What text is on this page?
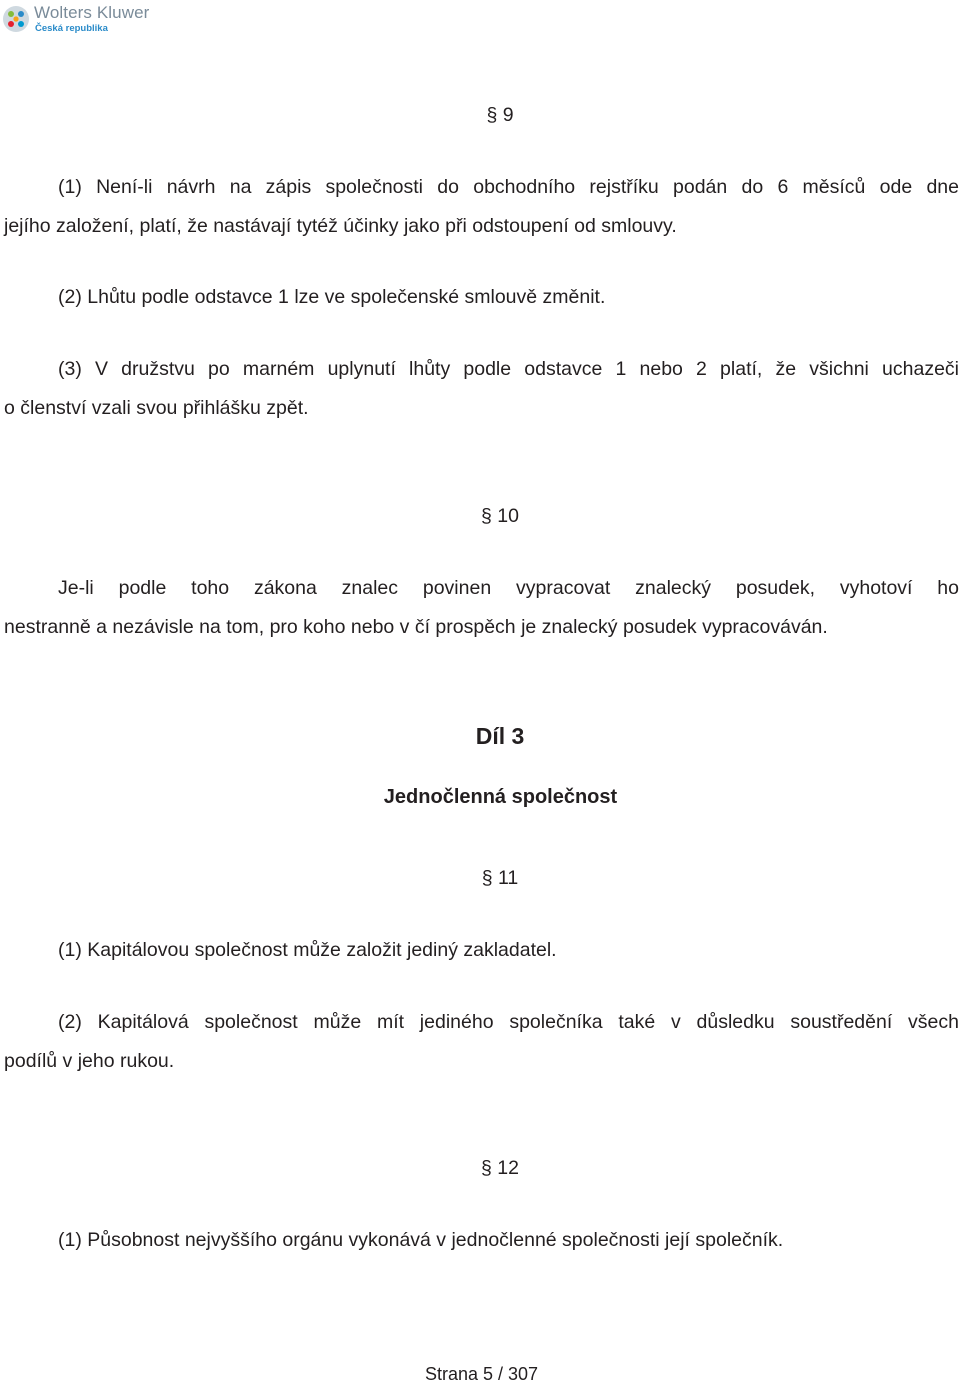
Wolters Kluwer
Česká republika
§ 9
(1) Není-li návrh na zápis společnosti do obchodního rejstříku podán do 6 měsíců ode dne
jejího založení, platí, že nastávají tytéž účinky jako při odstoupení od smlouvy.
(2) Lhůtu podle odstavce 1 lze ve společenské smlouvě změnit.
(3) V družstvu po marném uplynutí lhůty podle odstavce 1 nebo 2 platí, že všichni uchazeči
o členství vzali svou přihlášku zpět.
§ 10
Je-li podle toho zákona znalec povinen vypracovat znalecký posudek, vyhotoví ho
nestranně a nezávisle na tom, pro koho nebo v čí prospěch je znalecký posudek vypracováván.
Díl 3
Jednočlenná společnost
§ 11
(1) Kapitálovou společnost může založit jediný zakladatel.
(2) Kapitálová společnost může mít jediného společníka také v důsledku soustředění všech
podílů v jeho rukou.
§ 12
(1) Působnost nejvyššího orgánu vykonává v jednočlenné společnosti její společník.
Strana 5 / 307
